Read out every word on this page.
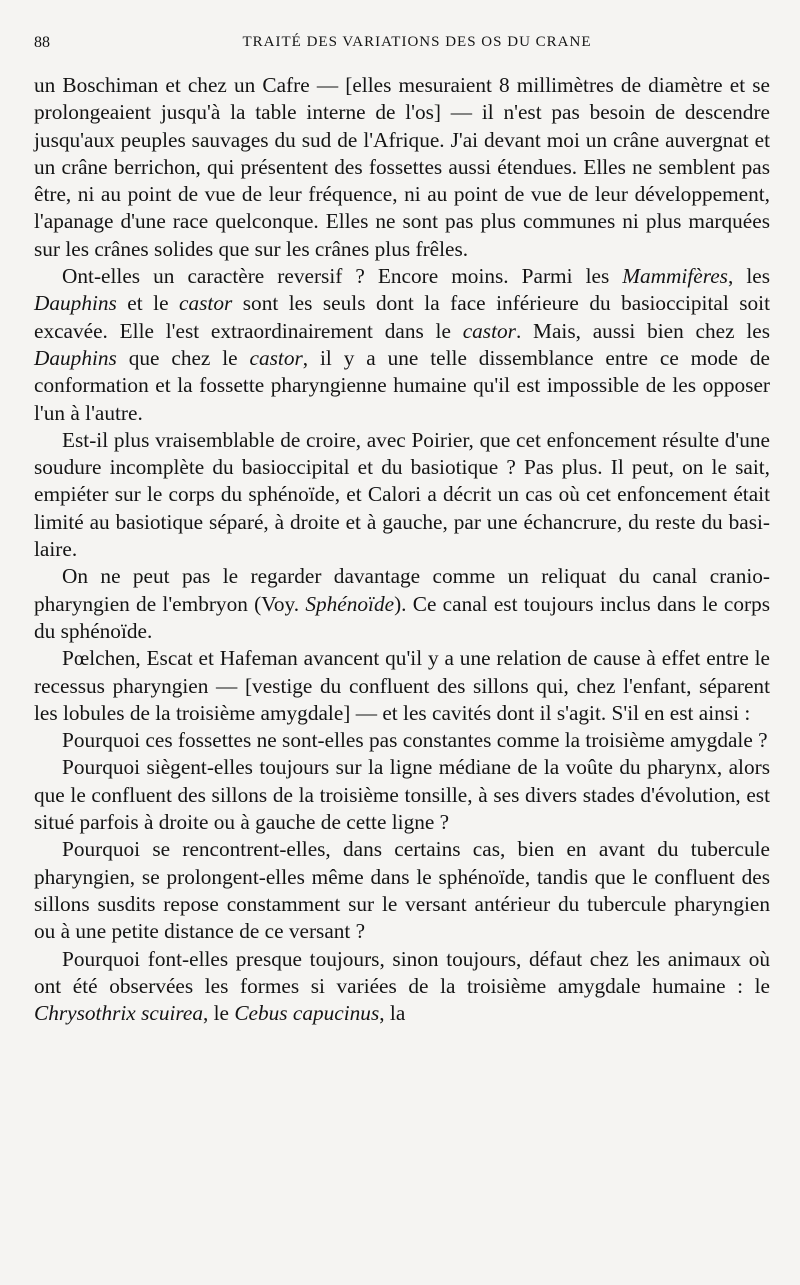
88	TRAITÉ DES VARIATIONS DES OS DU CRANE

un Boschiman et chez un Cafre — [elles mesuraient 8 millimètres de diamètre et se prolongeaient jusqu'à la table interne de l'os] — il n'est pas besoin de descendre jusqu'aux peuples sauvages du sud de l'Afrique. J'ai devant moi un crâne auvergnat et un crâne berrichon, qui présentent des fossettes aussi étendues. Elles ne semblent pas être, ni au point de vue de leur fréquence, ni au point de vue de leur développement, l'apanage d'une race quelconque. Elles ne sont pas plus communes ni plus marquées sur les crânes solides que sur les crânes plus frêles.

Ont-elles un caractère reversif ? Encore moins. Parmi les Mammifères, les Dauphins et le castor sont les seuls dont la face inférieure du basioccipital soit excavée. Elle l'est extraordinairement dans le castor. Mais, aussi bien chez les Dauphins que chez le castor, il y a une telle dissemblance entre ce mode de conformation et la fossette pharyngienne humaine qu'il est impossible de les opposer l'un à l'autre.

Est-il plus vraisemblable de croire, avec Poirier, que cet enfoncement résulte d'une soudure incomplète du basioccipital et du basiotique ? Pas plus. Il peut, on le sait, empiéter sur le corps du sphénoïde, et Calori a décrit un cas où cet enfoncement était limité au basiotique séparé, à droite et à gauche, par une échancrure, du reste du basilaire.

On ne peut pas le regarder davantage comme un reliquat du canal cranio-pharyngien de l'embryon (Voy. Sphénoïde). Ce canal est toujours inclus dans le corps du sphénoïde.

Pœlchen, Escat et Hafeman avancent qu'il y a une relation de cause à effet entre le recessus pharyngien — [vestige du confluent des sillons qui, chez l'enfant, séparent les lobules de la troisième amygdale] — et les cavités dont il s'agit. S'il en est ainsi :

Pourquoi ces fossettes ne sont-elles pas constantes comme la troisième amygdale ?

Pourquoi siègent-elles toujours sur la ligne médiane de la voûte du pharynx, alors que le confluent des sillons de la troisième tonsille, à ses divers stades d'évolution, est situé parfois à droite ou à gauche de cette ligne ?

Pourquoi se rencontrent-elles, dans certains cas, bien en avant du tubercule pharyngien, se prolongent-elles même dans le sphénoïde, tandis que le confluent des sillons susdits repose constamment sur le versant antérieur du tubercule pharyngien ou à une petite distance de ce versant ?

Pourquoi font-elles presque toujours, sinon toujours, défaut chez les animaux où ont été observées les formes si variées de la troisième amygdale humaine : le Chrysothrix scuirea, le Cebus capucinus, la
